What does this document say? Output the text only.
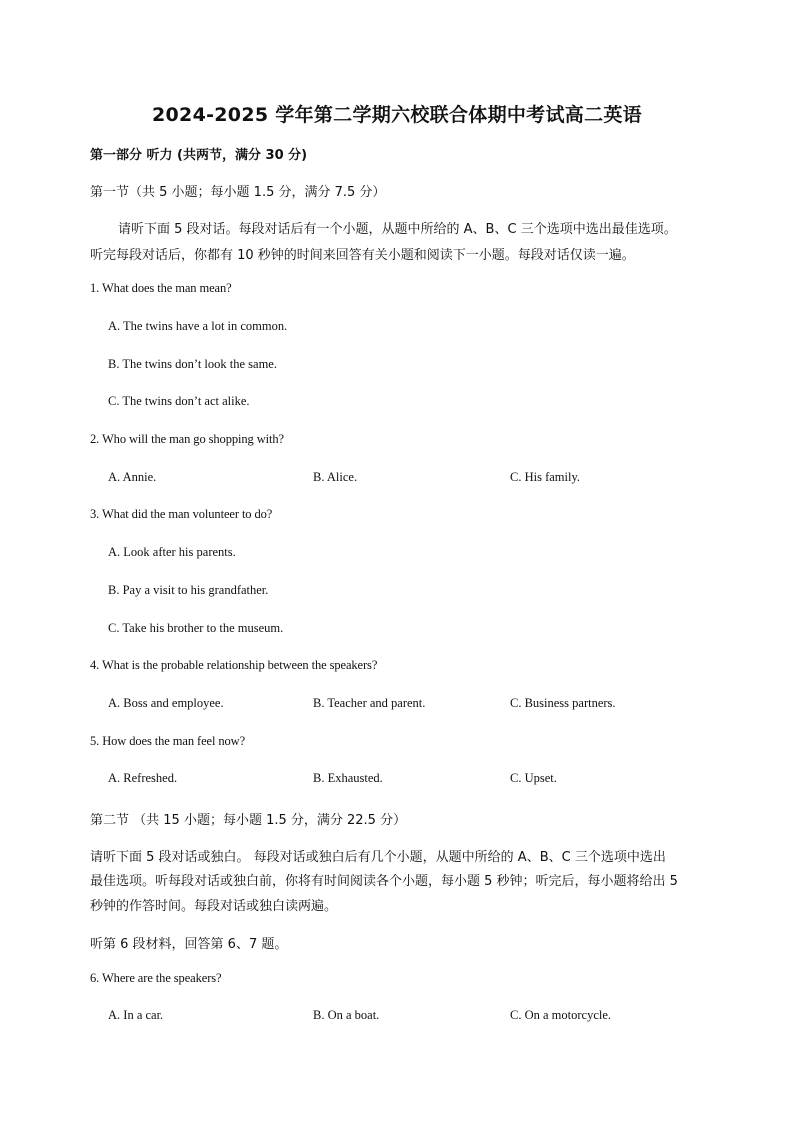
2024-2025 学年第二学期六校联合体期中考试高二英语
第一部分 听力 (共两节，满分 30 分)
第一节（共 5 小题；每小题 1.5 分，满分 7.5 分）
请听下面 5 段对话。每段对话后有一个小题，从题中所给的 A、B、C 三个选项中选出最佳选项。
听完每段对话后，你都有 10 秒钟的时间来回答有关小题和阅读下一小题。每段对话仅读一遍。
1. What does the man mean?
A. The twins have a lot in common.
B. The twins don’t look the same.
C. The twins don’t act alike.
2. Who will the man go shopping with?
A. Annie.	B. Alice.	C. His family.
3. What did the man volunteer to do?
A. Look after his parents.
B. Pay a visit to his grandfather.
C. Take his brother to the museum.
4. What is the probable relationship between the speakers?
A. Boss and employee.	B. Teacher and parent.	C. Business partners.
5. How does the man feel now?
A. Refreshed.	B. Exhausted.	C. Upset.
第二节 （共 15 小题；每小题 1.5 分，满分 22.5 分）
请听下面 5 段对话或独白。 每段对话或独白后有几个小题，从题中所给的 A、B、C 三个选项中选出
最佳选项。听每段对话或独白前，你将有时间阅读各个小题，每小题 5 秒钟；听完后，每小题将给出 5
秒钟的作答时间。每段对话或独白读两遍。
听第 6 段材料，回答第 6、7 题。
6. Where are the speakers?
A. In a car.	B. On a boat.	C. On a motorcycle.
